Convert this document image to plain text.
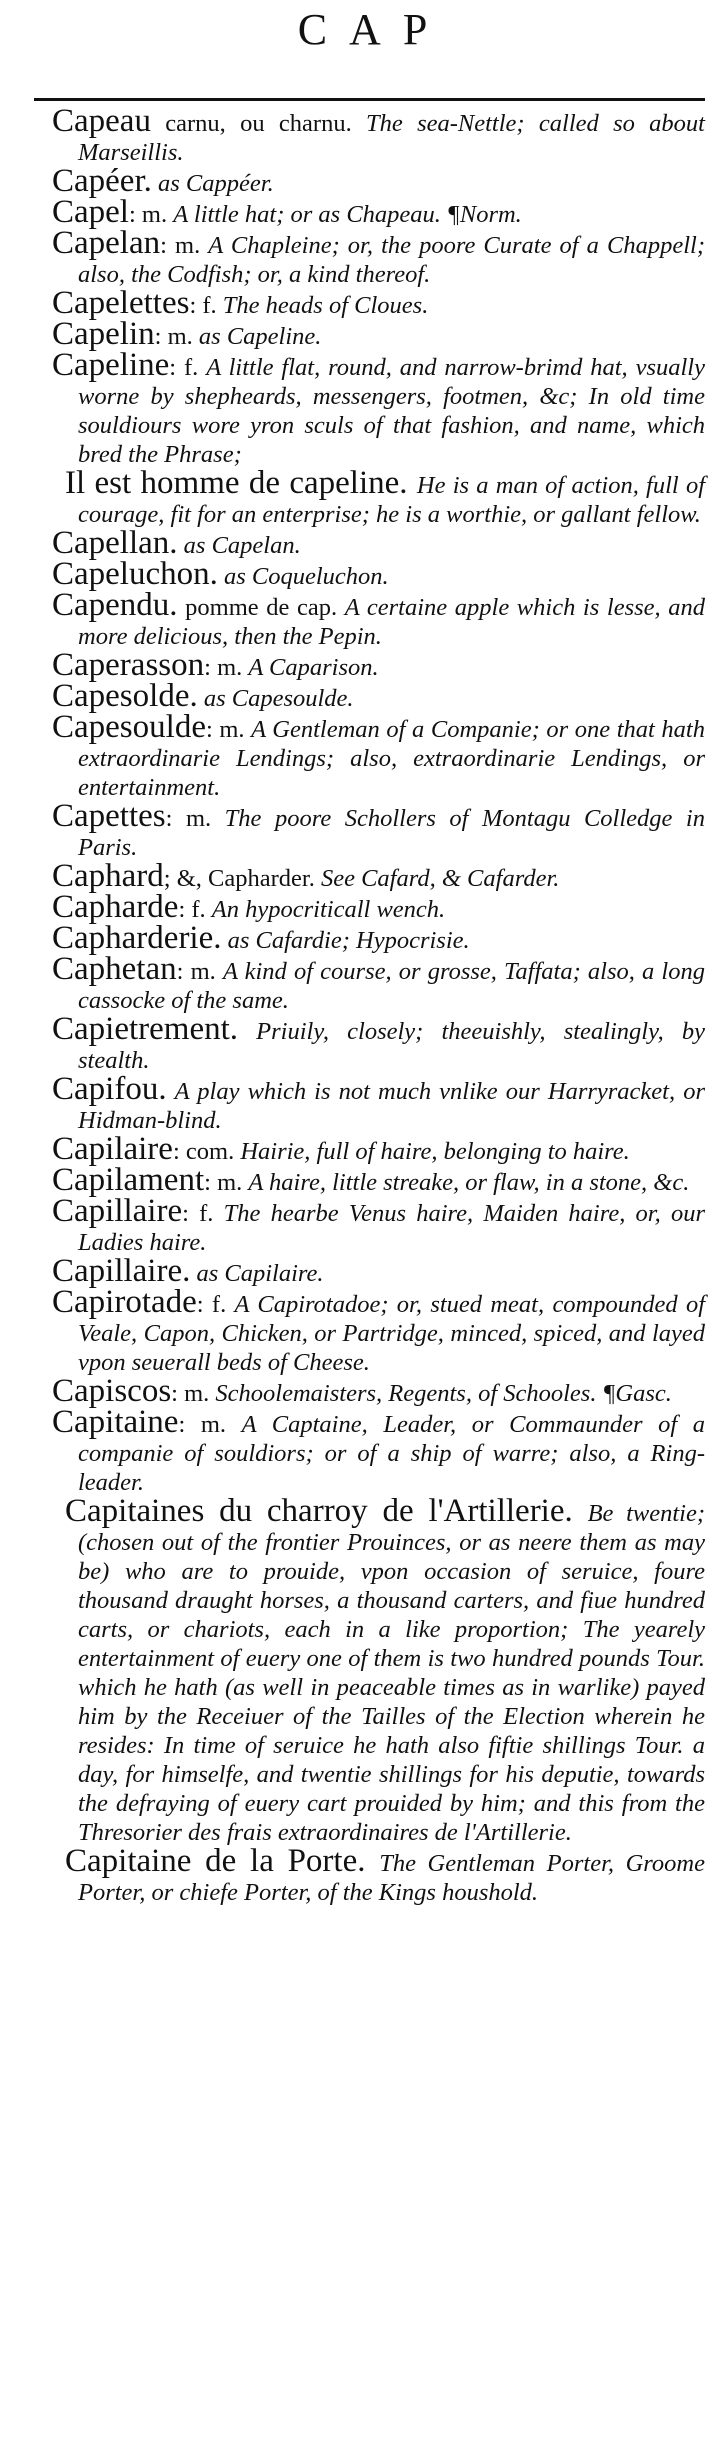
CAP

Capeau carnu, ou charnu. The sea-Nettle; called so about Marseillis.

Capéer. as Cappéer.

Capel: m. A little hat; or as Chapeau. ¶Norm.

Capelan: m. A Chapleine; or, the poore Curate of a Chappell; also, the Codfish; or, a kind thereof.

Capelettes: f. The heads of Cloues.

Capelin: m. as Capeline.

Capeline: f. A little flat, round, and narrow-brimd hat, vsually worne by shepheards, messengers, footmen, &c; In old time souldiours wore yron sculs of that fashion, and name, which bred the Phrase;

Il est homme de capeline. He is a man of action, full of courage, fit for an enterprise; he is a worthie, or gallant fellow.

Capellan. as Capelan.

Capeluchon. as Coqueluchon.

Capendu. pomme de cap. A certaine apple which is lesse, and more delicious, then the Pepin.

Caperasson: m. A Caparison.

Capesolde. as Capesoulde.

Capesoulde: m. A Gentleman of a Companie; or one that hath extraordinarie Lendings; also, extraordinarie Lendings, or entertainment.

Capettes: m. The poore Schollers of Montagu Colledge in Paris.

Caphard; &, Capharder. See Cafard, & Cafarder.

Capharde: f. An hypocriticall wench.

Capharderie. as Cafardie; Hypocrisie.

Caphetan: m. A kind of course, or grosse, Taffata; also, a long cassocke of the same.

Capietrement. Priuily, closely; theeuishly, stealingly, by stealth.

Capifou. A play which is not much vnlike our Harryracket, or Hidman-blind.

Capilaire: com. Hairie, full of haire, belonging to haire.

Capilament: m. A haire, little streake, or flaw, in a stone, &c.

Capillaire: f. The hearbe Venus haire, Maiden haire, or, our Ladies haire.

Capillaire. as Capilaire.

Capirotade: f. A Capirotadoe; or, stued meat, compounded of Veale, Capon, Chicken, or Partridge, minced, spiced, and layed vpon seuerall beds of Cheese.

Capiscos: m. Schoolemaisters, Regents, of Schooles. ¶Gasc.

Capitaine: m. A Captaine, Leader, or Commaunder of a companie of souldiors; or of a ship of warre; also, a Ring-leader.

Capitaines du charroy de l'Artillerie. Be twentie; (chosen out of the frontier Prouinces, or as neere them as may be) who are to prouide, vpon occasion of seruice, foure thousand draught horses, a thousand carters, and fiue hundred carts, or chariots, each in a like proportion; The yearely entertainment of euery one of them is two hundred pounds Tour. which he hath (as well in peaceable times as in warlike) payed him by the Receiuer of the Tailles of the Election wherein he resides: In time of seruice he hath also fiftie shillings Tour. a day, for himselfe, and twentie shillings for his deputie, towards the defraying of euery cart prouided by him; and this from the Thresorier des frais extraordinaires de l'Artillerie.

Capitaine de la Porte. The Gentleman Porter, Groome Porter, or chiefe Porter, of the Kings houshold.
